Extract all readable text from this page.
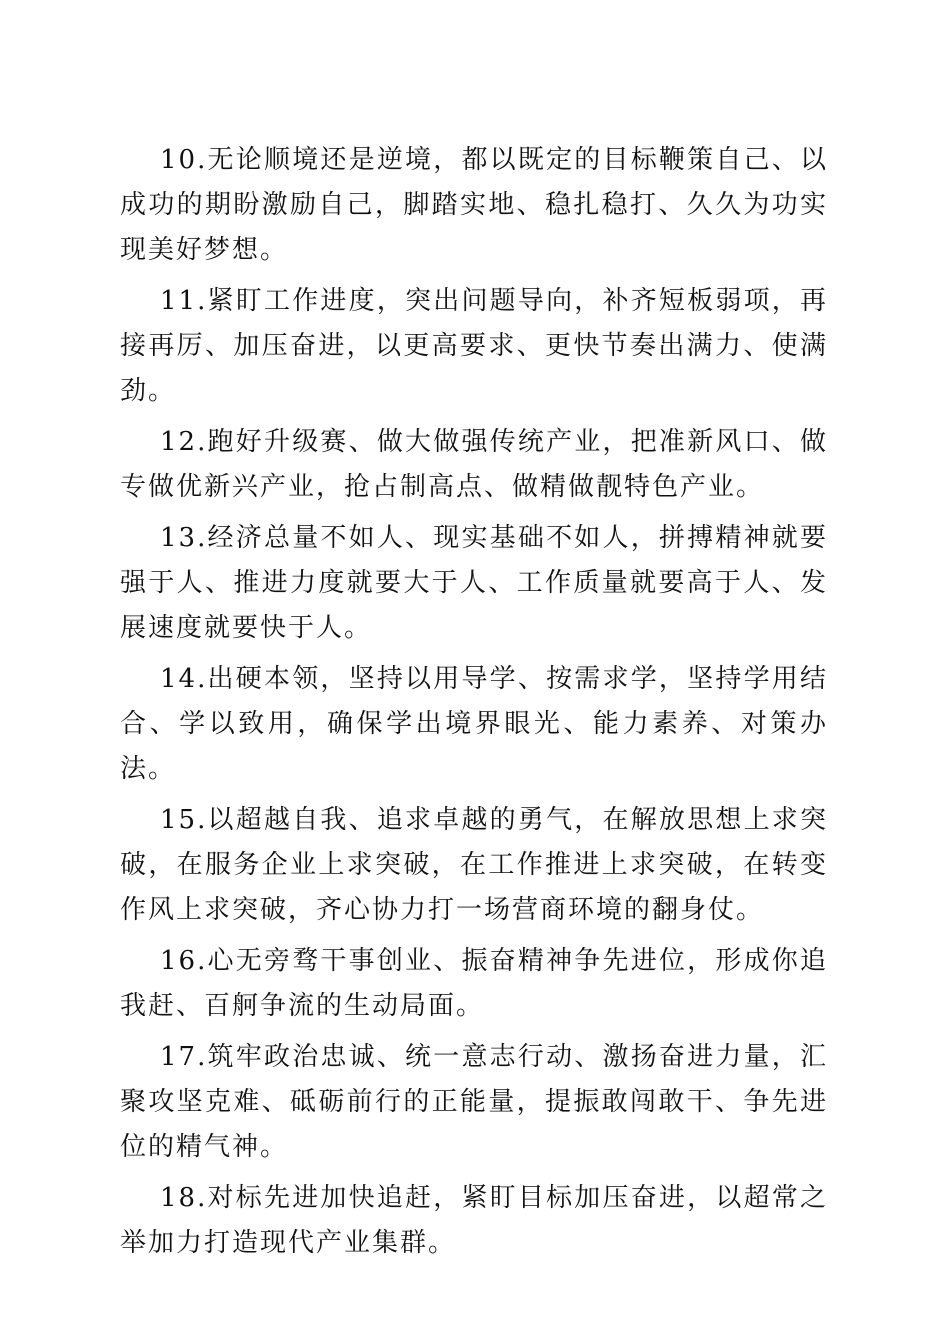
10.无论顺境还是逆境，都以既定的目标鞭策自己、以成功的期盼激励自己，脚踏实地、稳扎稳打、久久为功实现美好梦想。

11.紧盯工作进度，突出问题导向，补齐短板弱项，再接再厉、加压奋进，以更高要求、更快节奏出满力、使满劲。

12.跑好升级赛、做大做强传统产业，把准新风口、做专做优新兴产业，抢占制高点、做精做靓特色产业。

13.经济总量不如人、现实基础不如人，拼搏精神就要强于人、推进力度就要大于人、工作质量就要高于人、发展速度就要快于人。

14.出硬本领，坚持以用导学、按需求学，坚持学用结合、学以致用，确保学出境界眼光、能力素养、对策办法。

15.以超越自我、追求卓越的勇气，在解放思想上求突破，在服务企业上求突破，在工作推进上求突破，在转变作风上求突破，齐心协力打一场营商环境的翻身仗。

16.心无旁骛干事创业、振奋精神争先进位，形成你追我赶、百舸争流的生动局面。

17.筑牢政治忠诚、统一意志行动、激扬奋进力量，汇聚攻坚克难、砥砺前行的正能量，提振敢闯敢干、争先进位的精气神。

18.对标先进加快追赶，紧盯目标加压奋进，以超常之举加力打造现代产业集群。
